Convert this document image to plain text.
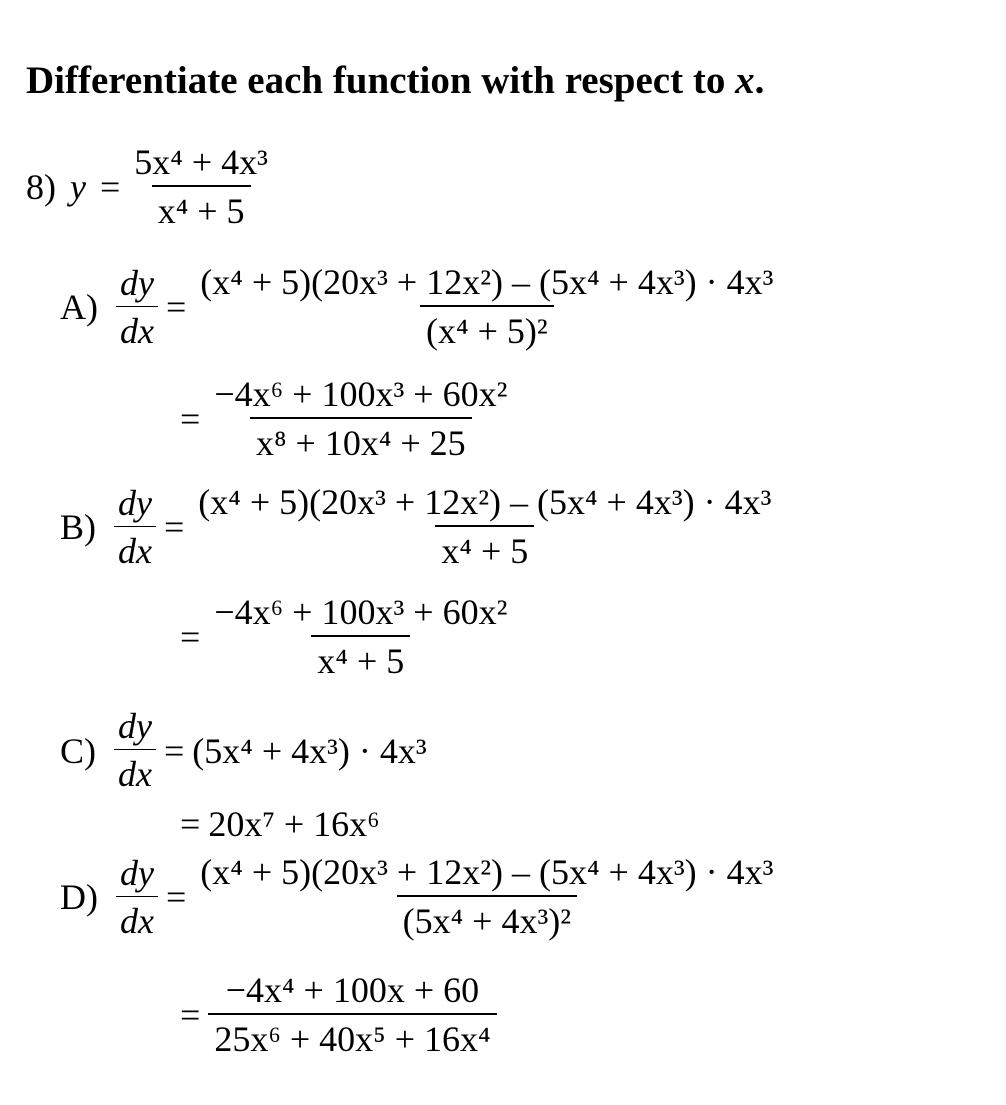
Differentiate each function with respect to x.
8) $y = \frac{\text{5x⁴ + 4x³}}{\text{x⁴ + 5}}$
$A) \frac{dy}{dx} = \frac{\text{(x⁴ + 5)(20x³ + 12x²) – (5x⁴ + 4x³) · 4x³}}{\text{(x⁴ + 5)²}}$
= $\frac{\text{−4x⁶ + 100x³ + 60x²}}{\text{x⁸ + 10x⁴ + 25}}$
$B) \frac{dy}{dx} = \frac{\text{(x⁴ + 5)(20x³ + 12x²) – (5x⁴ + 4x³) · 4x³}}{\text{x⁴ + 5}}$
= $\frac{\text{−4x⁶ + 100x³ + 60x²}}{\text{x⁴ + 5}}$
$C) \frac{dy}{dx} = (5x^4 + 4x^3) \cdot 4x^3$
= 20x⁷ + 16x⁶
$D) \frac{dy}{dx} = \frac{\text{(x⁴ + 5)(20x³ + 12x²) – (5x⁴ + 4x³) · 4x³}}{\text{(5x⁴ + 4x³)²}}$
= $\frac{\text{−4x⁴ + 100x + 60}}{\text{25x⁶ + 40x⁵ + 16x⁴}}$
